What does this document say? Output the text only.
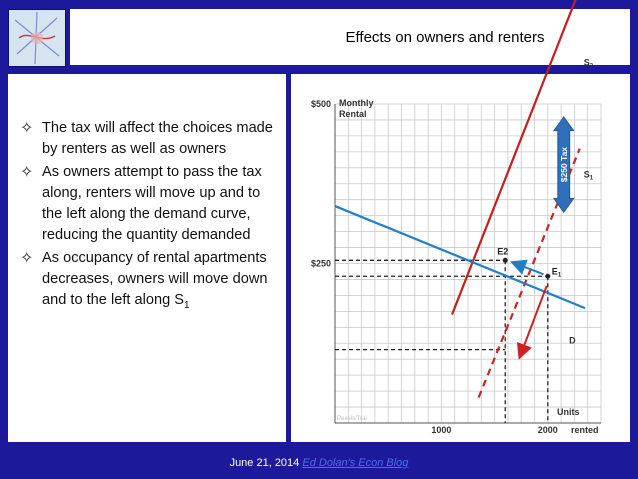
Effects on owners and renters
✧ The tax will affect the choices made by renters as well as owners
✧ As owners attempt to pass the tax along, renters will move up and to the left along the demand curve, reducing the quantity demanded
✧ As occupancy of rental apartments decreases, owners will move down and to the left along $S_1$
Monthly
Rental
Units
rented
$500
$250
1000	2000
$S_2$
$S_1$
D
E2
$E_1$
$250 Tax
Pexels/Trai
June 21, 2014 Ed Dolan's Econ Blog
